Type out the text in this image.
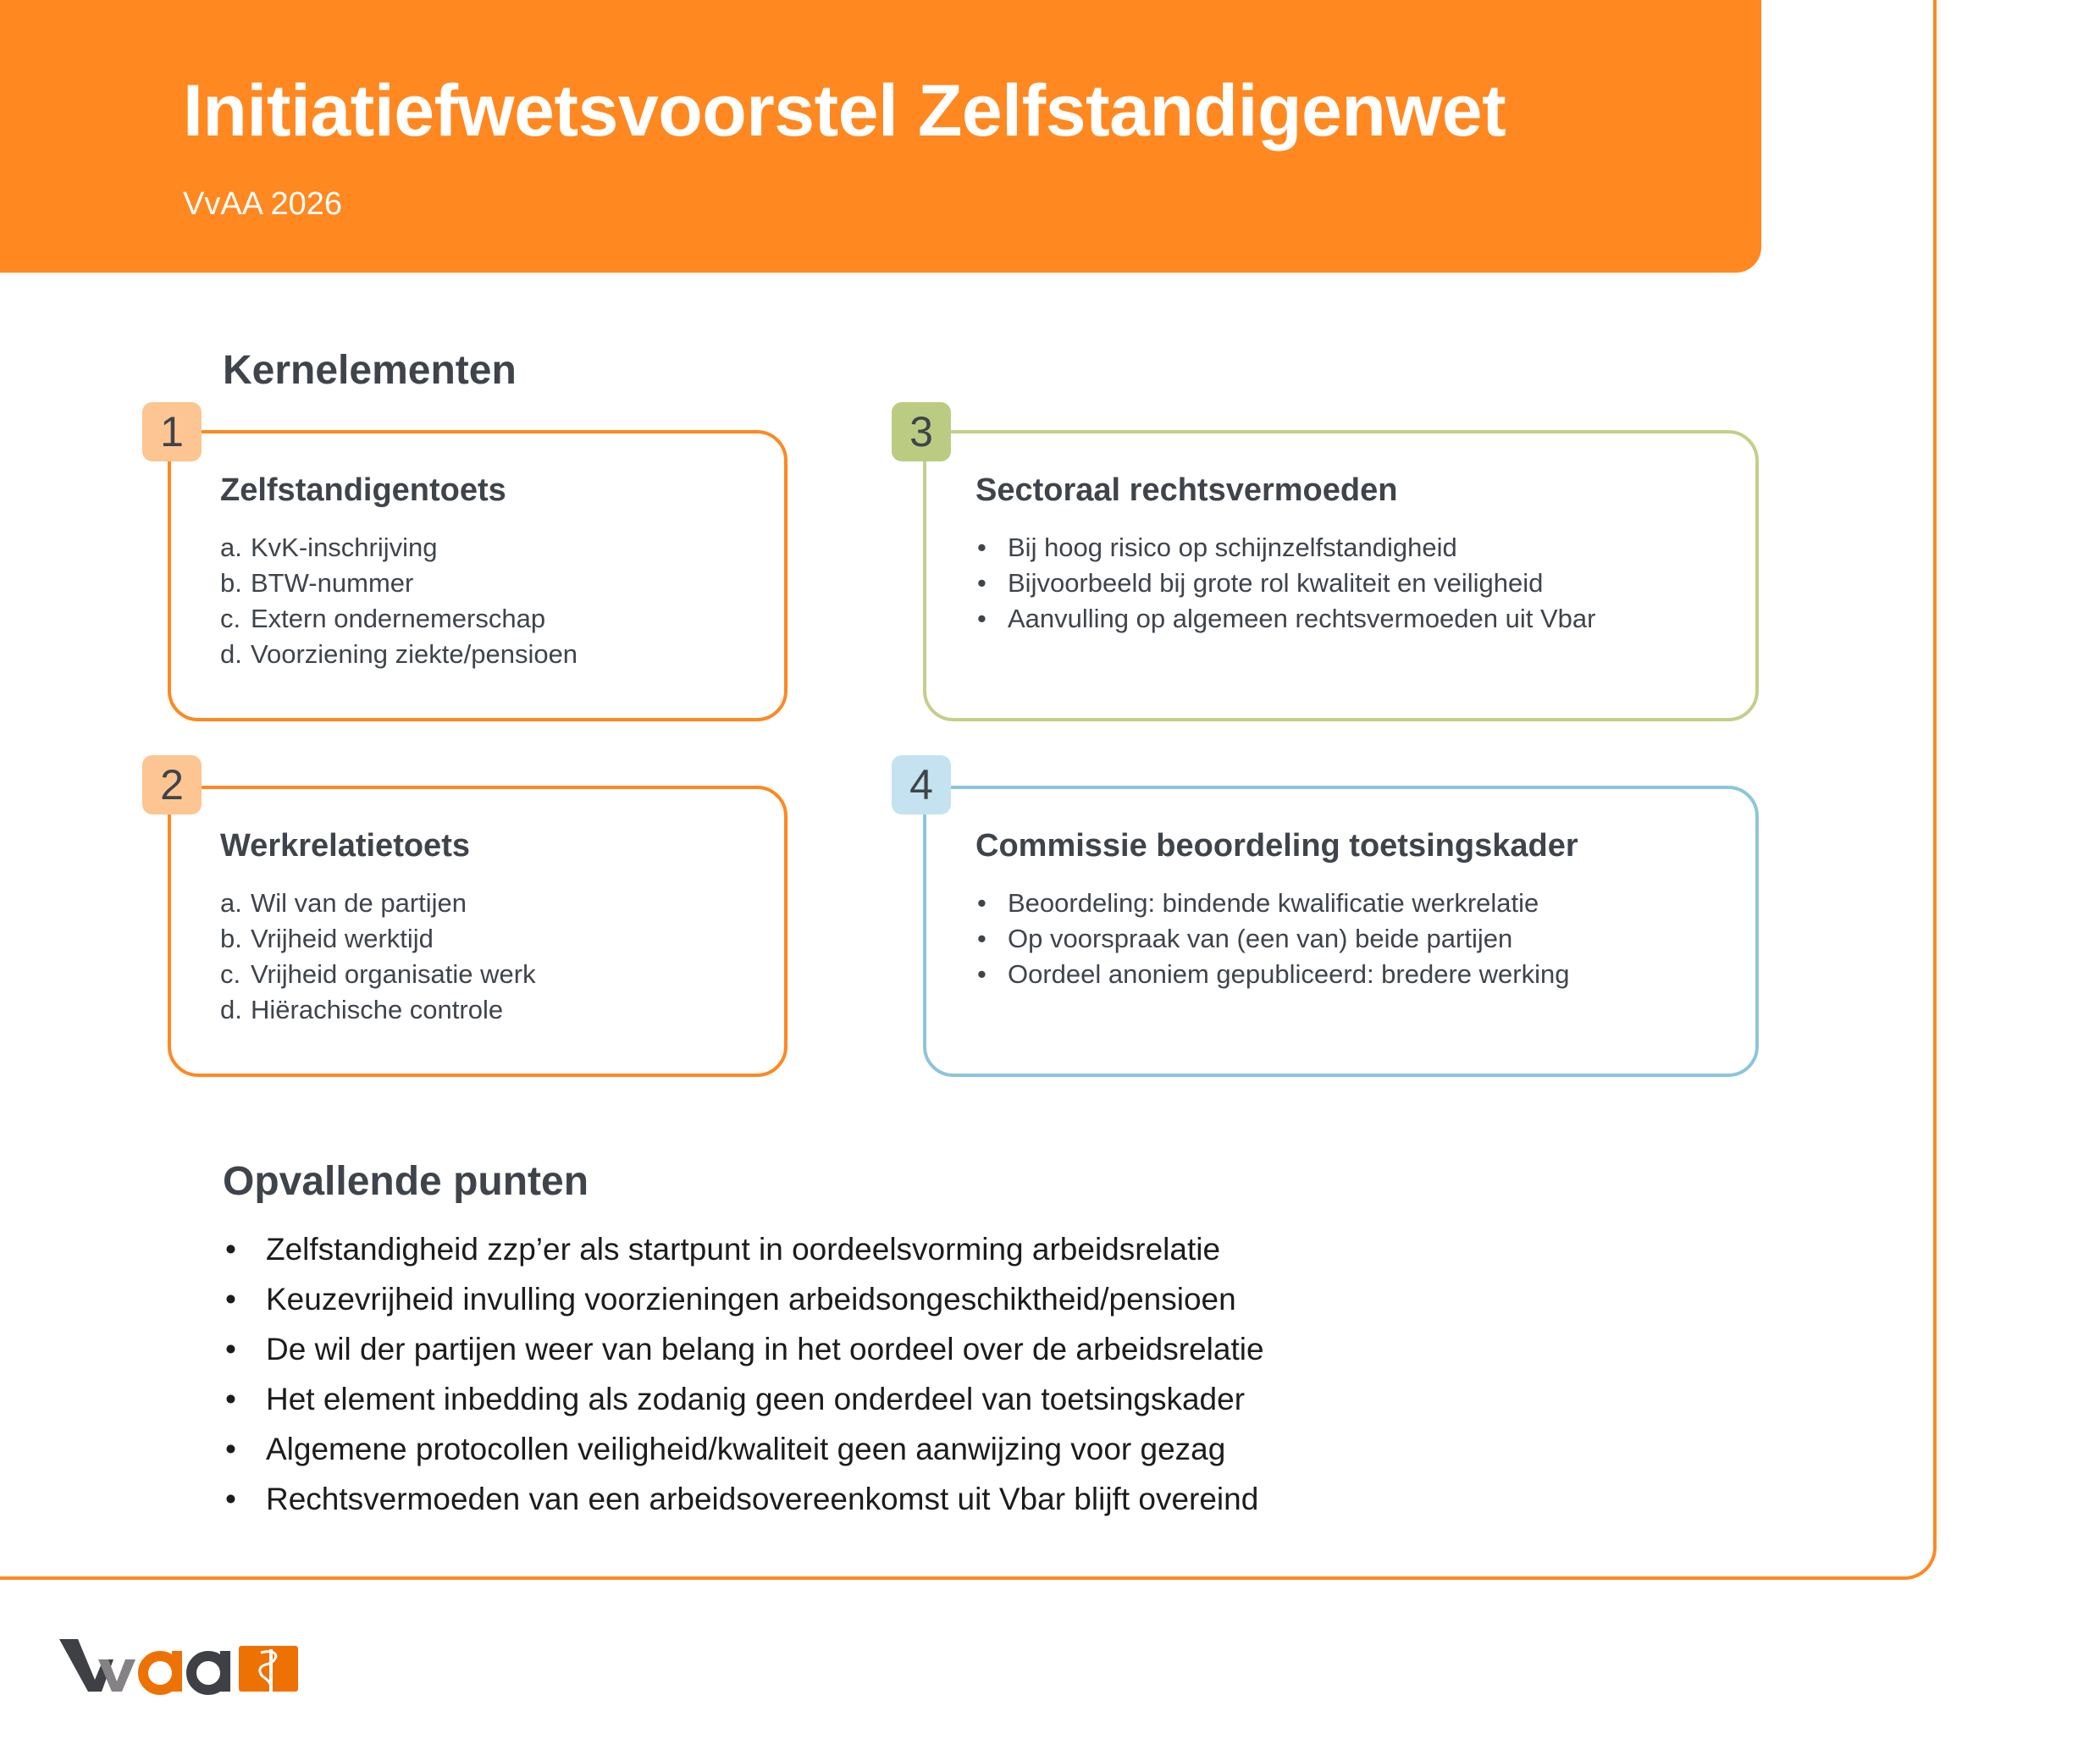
Initiatiefwetsvoorstel Zelfstandigenwet
VvAA 2026
Kernelementen
Zelfstandigentoets
a. KvK-inschrijving
b. BTW-nummer
c. Extern ondernemerschap
d. Voorziening ziekte/pensioen
1
Sectoraal rechtsvermoeden
• Bij hoog risico op schijnzelfstandigheid
• Bijvoorbeeld bij grote rol kwaliteit en veiligheid
• Aanvulling op algemeen rechtsvermoeden uit Vbar
3
Werkrelatietoets
a. Wil van de partijen
b. Vrijheid werktijd
c. Vrijheid organisatie werk
d. Hiërachische controle
2
Commissie beoordeling toetsingskader
• Beoordeling: bindende kwalificatie werkrelatie
• Op voorspraak van (een van) beide partijen
• Oordeel anoniem gepubliceerd: bredere werking
4
Opvallende punten
• Zelfstandigheid zzp’er als startpunt in oordeelsvorming arbeidsrelatie
• Keuzevrijheid invulling voorzieningen arbeidsongeschiktheid/pensioen
• De wil der partijen weer van belang in het oordeel over de arbeidsrelatie
• Het element inbedding als zodanig geen onderdeel van toetsingskader
• Algemene protocollen veiligheid/kwaliteit geen aanwijzing voor gezag
• Rechtsvermoeden van een arbeidsovereenkomst uit Vbar blijft overeind
